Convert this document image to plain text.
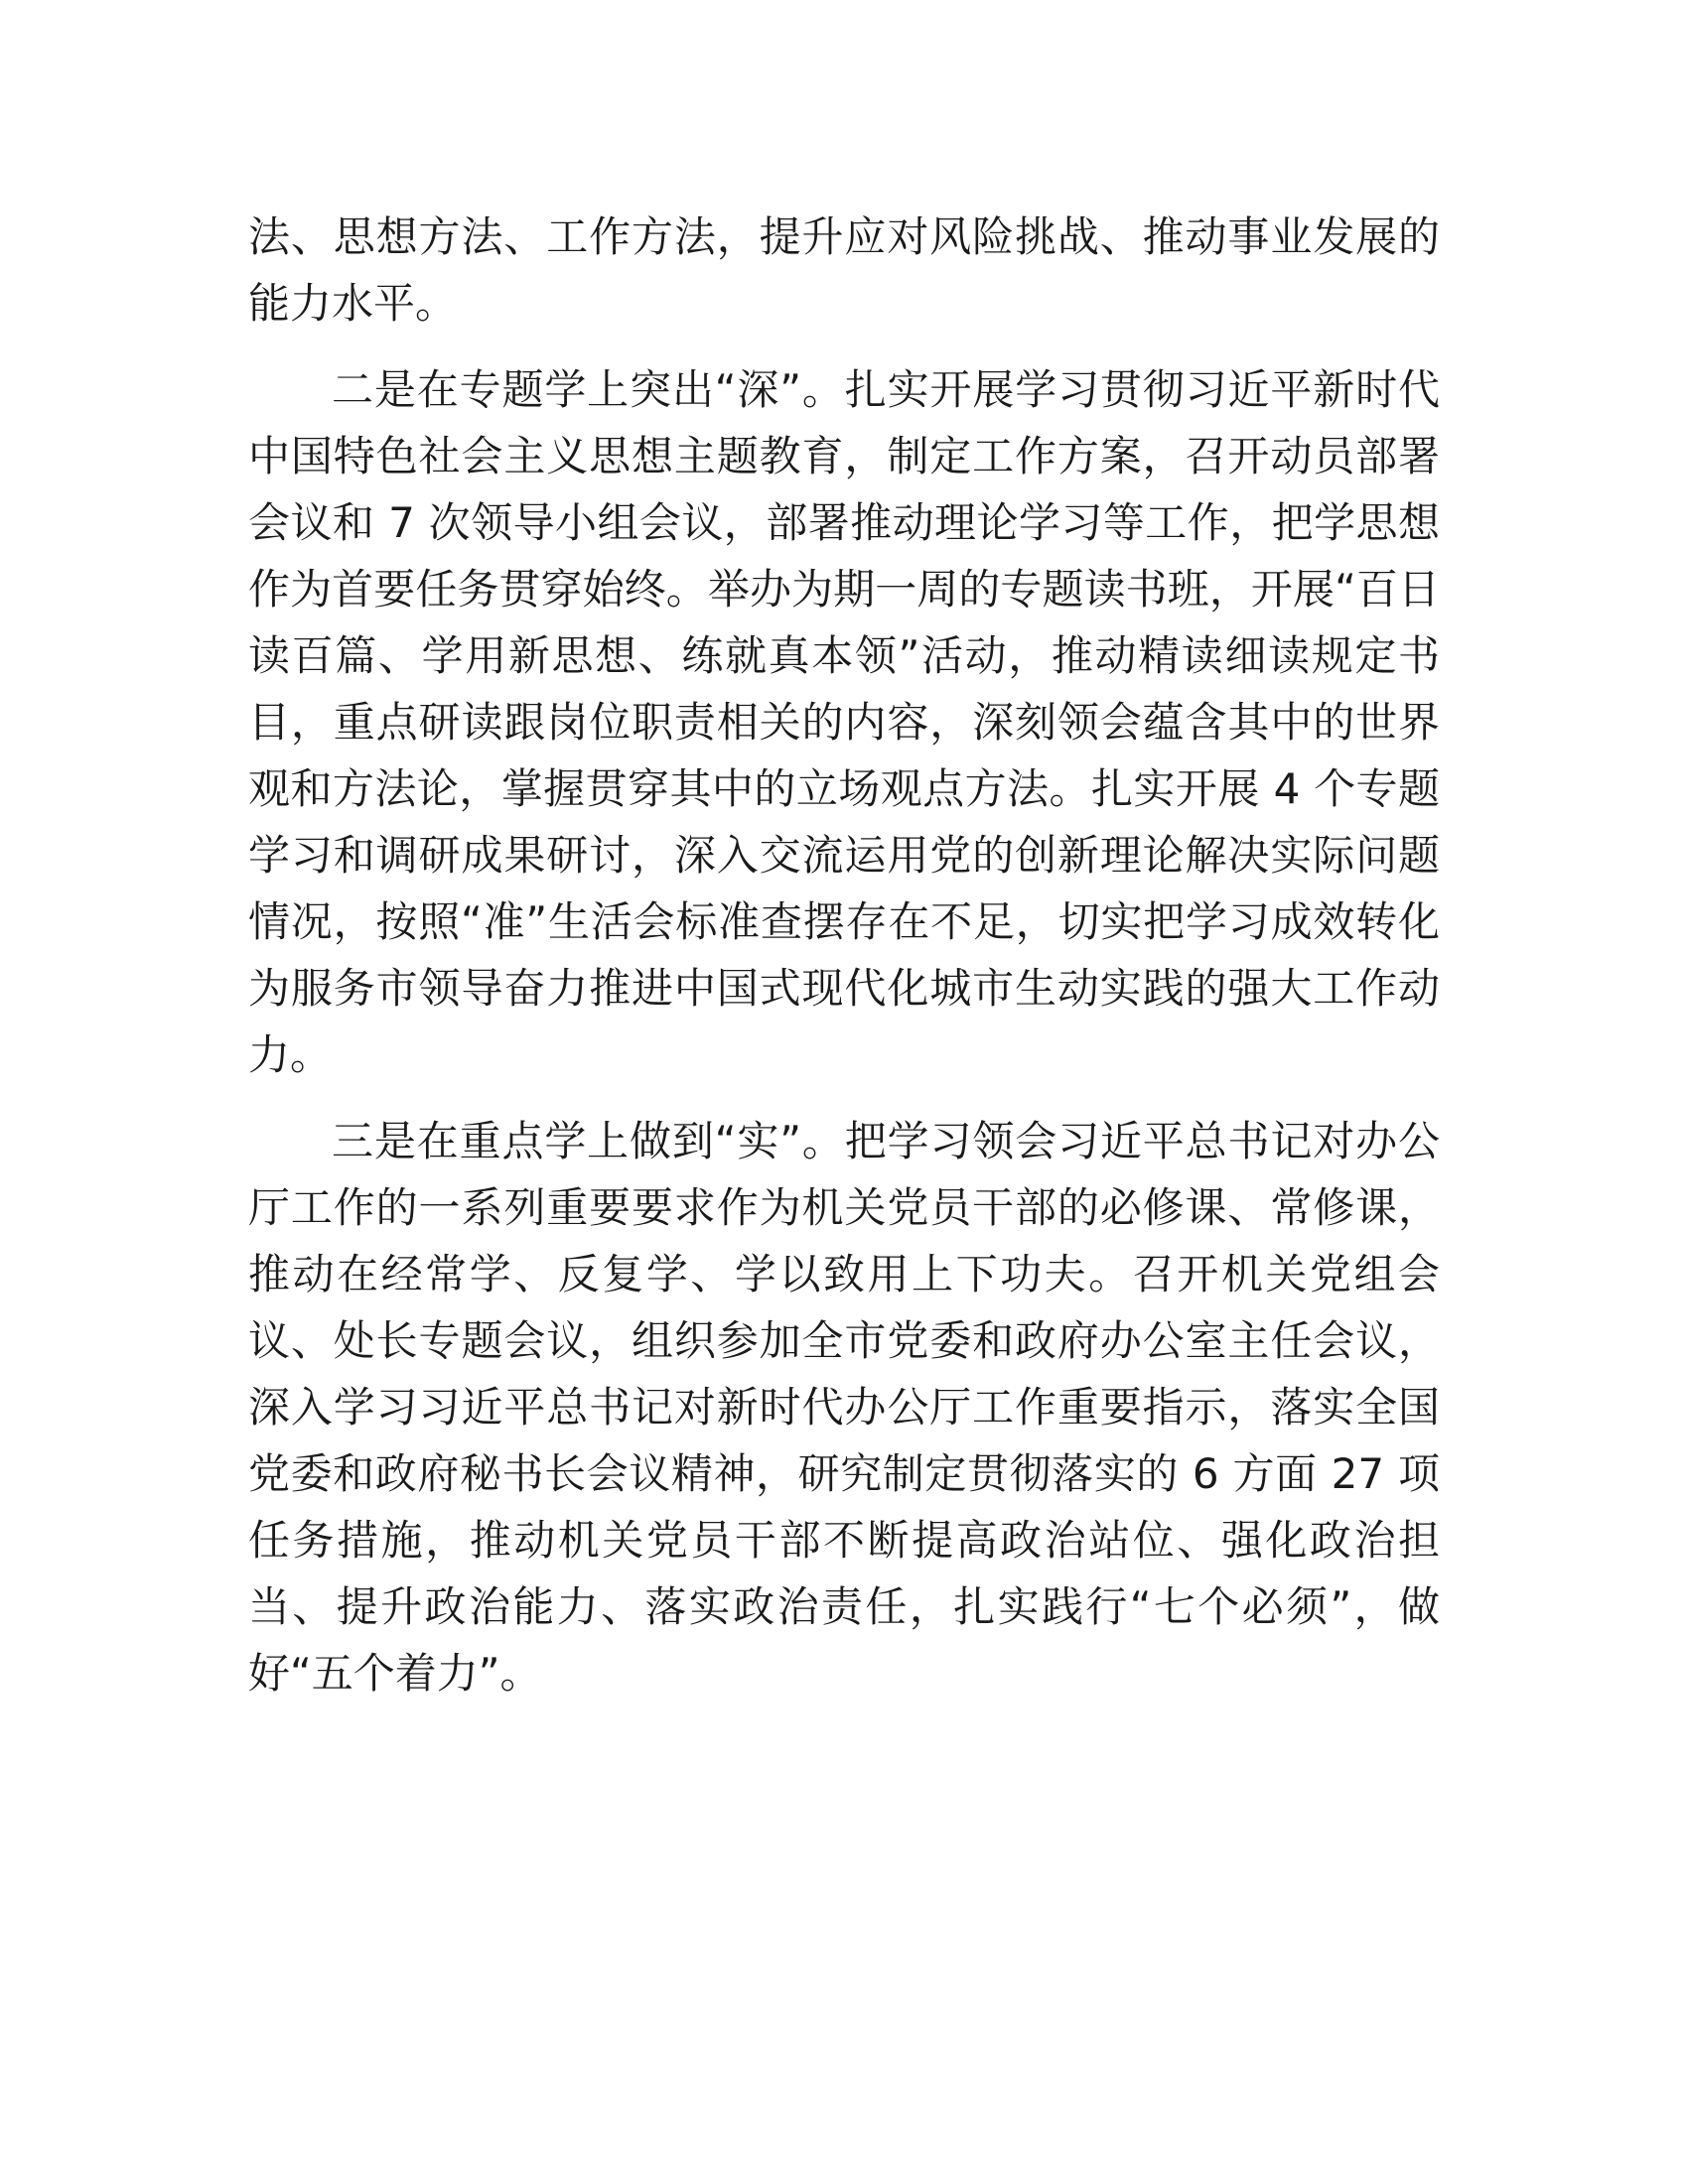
法、思想方法、工作方法，提升应对风险挑战、推动事业发展的能力水平。

二是在专题学上突出“深”。扎实开展学习贯彻习近平新时代中国特色社会主义思想主题教育，制定工作方案，召开动员部署会议和 7 次领导小组会议，部署推动理论学习等工作，把学思想作为首要任务贯穿始终。举办为期一周的专题读书班，开展“百日读百篇、学用新思想、练就真本领”活动，推动精读细读规定书目，重点研读跟岗位职责相关的内容，深刻领会蕴含其中的世界观和方法论，掌握贯穿其中的立场观点方法。扎实开展 4 个专题学习和调研成果研讨，深入交流运用党的创新理论解决实际问题情况，按照“准”生活会标准查摆存在不足，切实把学习成效转化为服务市领导奋力推进中国式现代化城市生动实践的强大工作动力。

三是在重点学上做到“实”。把学习领会习近平总书记对办公厅工作的一系列重要要求作为机关党员干部的必修课、常修课，推动在经常学、反复学、学以致用上下功夫。召开机关党组会议、处长专题会议，组织参加全市党委和政府办公室主任会议，深入学习习近平总书记对新时代办公厅工作重要指示，落实全国党委和政府秘书长会议精神，研究制定贯彻落实的 6 方面 27 项任务措施，推动机关党员干部不断提高政治站位、强化政治担当、提升政治能力、落实政治责任，扎实践行“七个必须”，做好“五个着力”。
